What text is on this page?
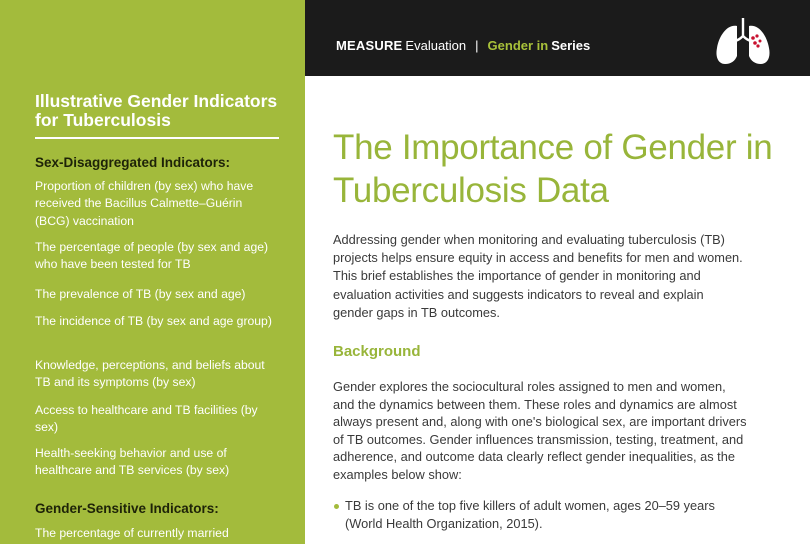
Illustrative Gender Indicators for Tuberculosis
Sex-Disaggregated Indicators:
Proportion of children (by sex) who have received the Bacillus Calmette–Guérin (BCG) vaccination
The percentage of people (by sex and age) who have been tested for TB
The prevalence of TB (by sex and age)
The incidence of TB (by sex and age group)
Knowledge, perceptions, and beliefs about TB and its symptoms (by sex)
Access to healthcare and TB facilities (by sex)
Health-seeking behavior and use of healthcare and TB services (by sex)
Gender-Sensitive Indicators:
The percentage of currently married
MEASURE Evaluation | Gender in Series
The Importance of Gender in Tuberculosis Data

Addressing gender when monitoring and evaluating tuberculosis (TB) projects helps ensure equity in access and benefits for men and women. This brief establishes the importance of gender in monitoring and evaluation activities and suggests indicators to reveal and explain gender gaps in TB outcomes.

Background

Gender explores the sociocultural roles assigned to men and women, and the dynamics between them. These roles and dynamics are almost always present and, along with one's biological sex, are important drivers of TB outcomes. Gender influences transmission, testing, treatment, and adherence, and outcome data clearly reflect gender inequalities, as the examples below show:

TB is one of the top five killers of adult women, ages 20–59 years (World Health Organization, 2015).
